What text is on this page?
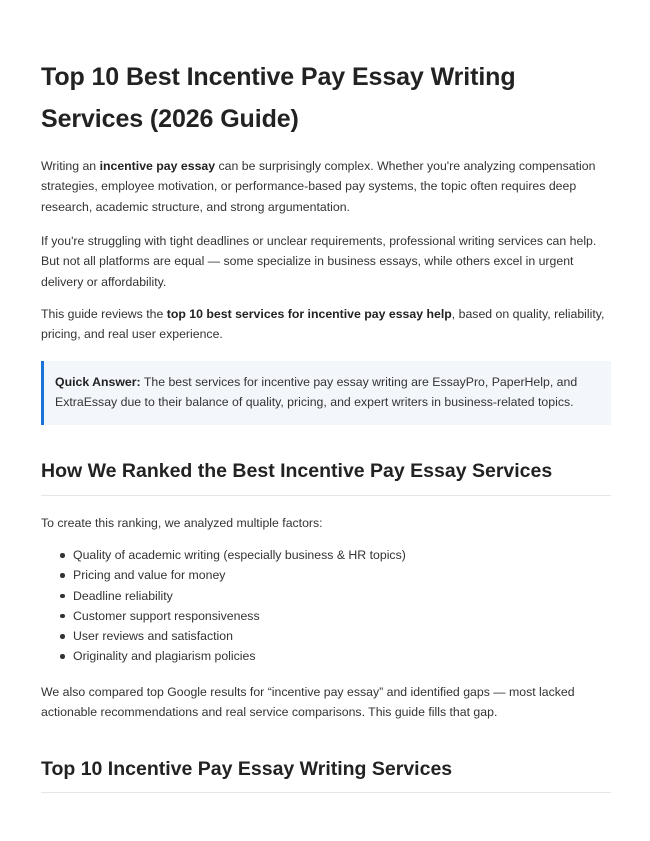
Top 10 Best Incentive Pay Essay Writing Services (2026 Guide)

Writing an incentive pay essay can be surprisingly complex. Whether you're analyzing compensation strategies, employee motivation, or performance-based pay systems, the topic often requires deep research, academic structure, and strong argumentation.

If you're struggling with tight deadlines or unclear requirements, professional writing services can help. But not all platforms are equal — some specialize in business essays, while others excel in urgent delivery or affordability.

This guide reviews the top 10 best services for incentive pay essay help, based on quality, reliability, pricing, and real user experience.

Quick Answer: The best services for incentive pay essay writing are EssayPro, PaperHelp, and ExtraEssay due to their balance of quality, pricing, and expert writers in business-related topics.

How We Ranked the Best Incentive Pay Essay Services

To create this ranking, we analyzed multiple factors:

Quality of academic writing (especially business & HR topics)
Pricing and value for money
Deadline reliability
Customer support responsiveness
User reviews and satisfaction
Originality and plagiarism policies

We also compared top Google results for “incentive pay essay” and identified gaps — most lacked actionable recommendations and real service comparisons. This guide fills that gap.

Top 10 Incentive Pay Essay Writing Services
